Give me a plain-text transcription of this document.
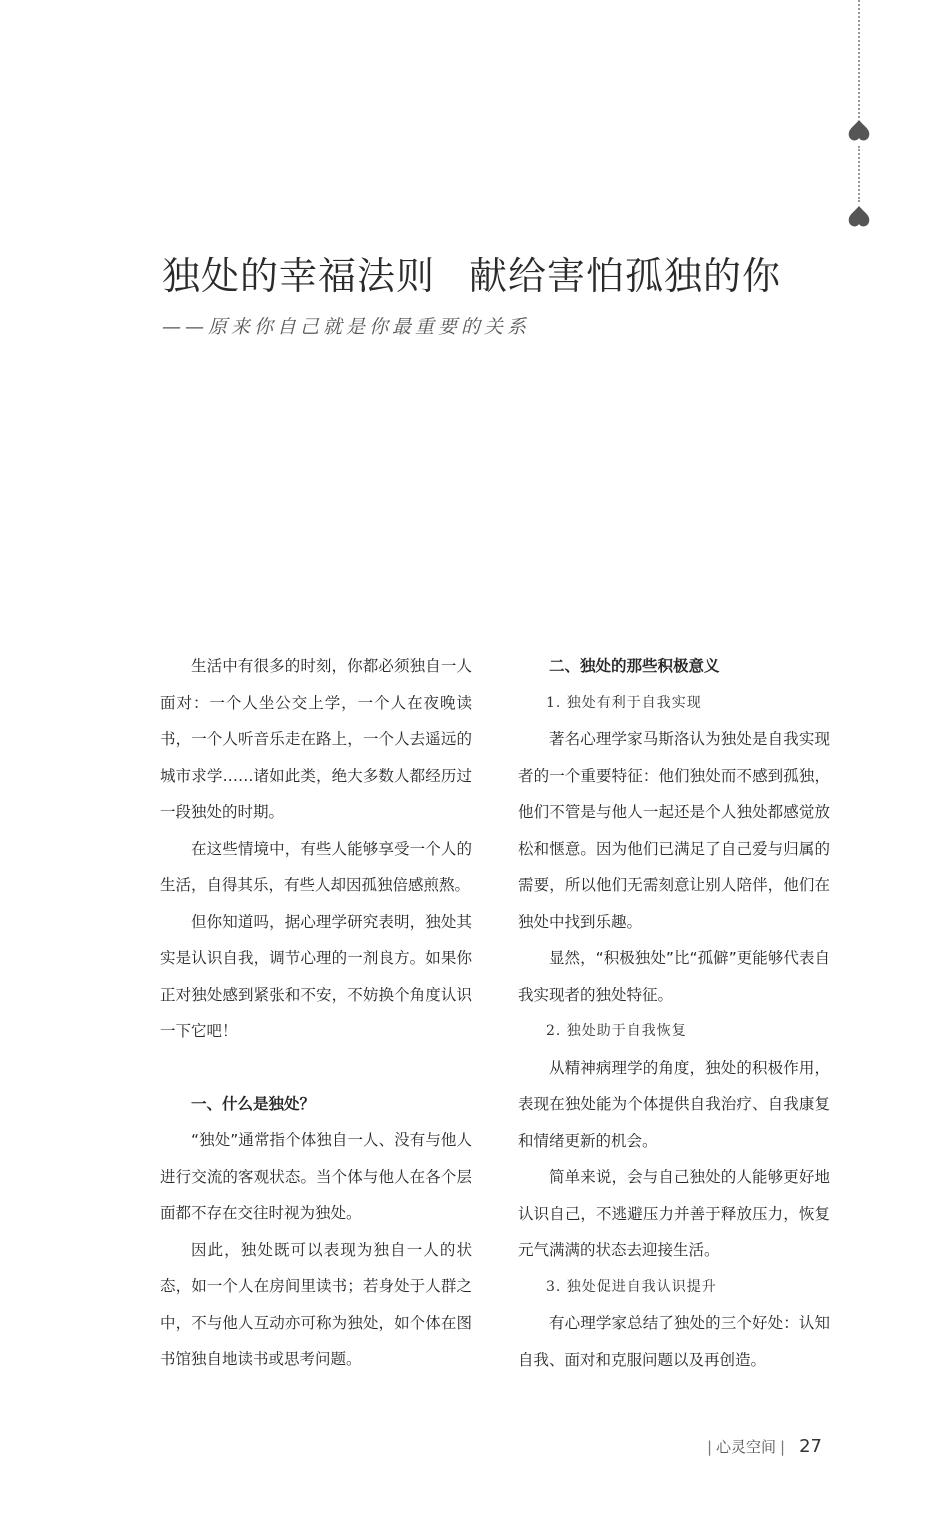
独处的幸福法则 献给害怕孤独的你

——原来你自己就是你最重要的关系

生活中有很多的时刻，你都必须独自一人面对：一个人坐公交上学，一个人在夜晚读书，一个人听音乐走在路上，一个人去遥远的城市求学……诸如此类，绝大多数人都经历过一段独处的时期。

在这些情境中，有些人能够享受一个人的生活，自得其乐，有些人却因孤独倍感煎熬。

但你知道吗，据心理学研究表明，独处其实是认识自我，调节心理的一剂良方。如果你正对独处感到紧张和不安，不妨换个角度认识一下它吧！

一、什么是独处？

“独处”通常指个体独自一人、没有与他人进行交流的客观状态。当个体与他人在各个层面都不存在交往时视为独处。

因此，独处既可以表现为独自一人的状态，如一个人在房间里读书；若身处于人群之中，不与他人互动亦可称为独处，如个体在图书馆独自地读书或思考问题。

二、独处的那些积极意义
1. 独处有利于自我实现

著名心理学家马斯洛认为独处是自我实现者的一个重要特征：他们独处而不感到孤独，他们不管是与他人一起还是个人独处都感觉放松和惬意。因为他们已满足了自己爱与归属的需要，所以他们无需刻意让别人陪伴，他们在独处中找到乐趣。

显然，“积极独处”比“孤僻”更能够代表自我实现者的独处特征。

2. 独处助于自我恢复

从精神病理学的角度，独处的积极作用，表现在独处能为个体提供自我治疗、自我康复和情绪更新的机会。

简单来说，会与自己独处的人能够更好地认识自己，不逃避压力并善于释放压力，恢复元气满满的状态去迎接生活。

3. 独处促进自我认识提升

有心理学家总结了独处的三个好处：认知自我、面对和克服问题以及再创造。

| 心灵空间 | 27
